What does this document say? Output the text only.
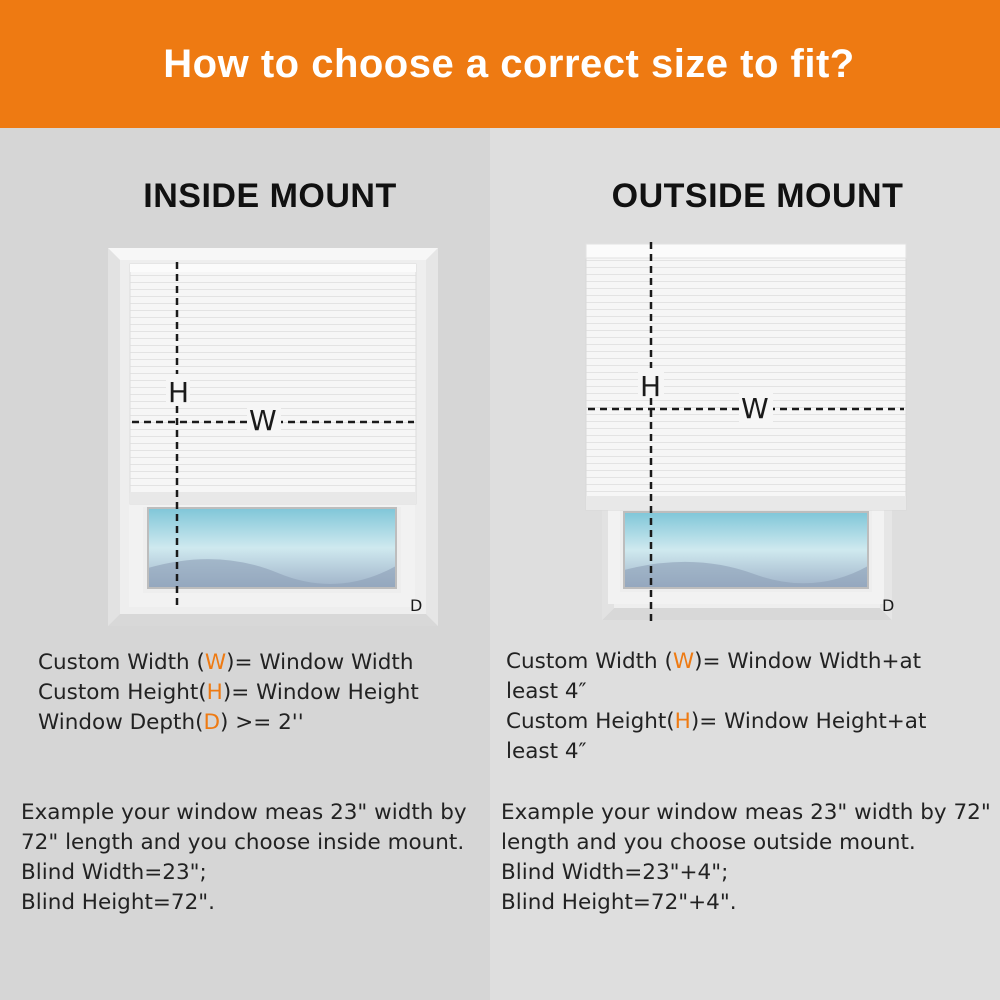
How to choose a correct size to fit?
INSIDE MOUNT	OUTSIDE MOUNT
H
W
D
H
W
D
Custom Width (W)= Window Width
Custom Height(H)= Window Height
Window Depth(D) >= 2''
Custom Width (W)= Window Width+at
least 4″
Custom Height(H)= Window Height+at
least 4″
Example your window meas 23" width by
72" length and you choose inside mount.
Blind Width=23";
Blind Height=72".
Example your window meas 23" width by 72"
length and you choose outside mount.
Blind Width=23"+4";
Blind Height=72"+4".
